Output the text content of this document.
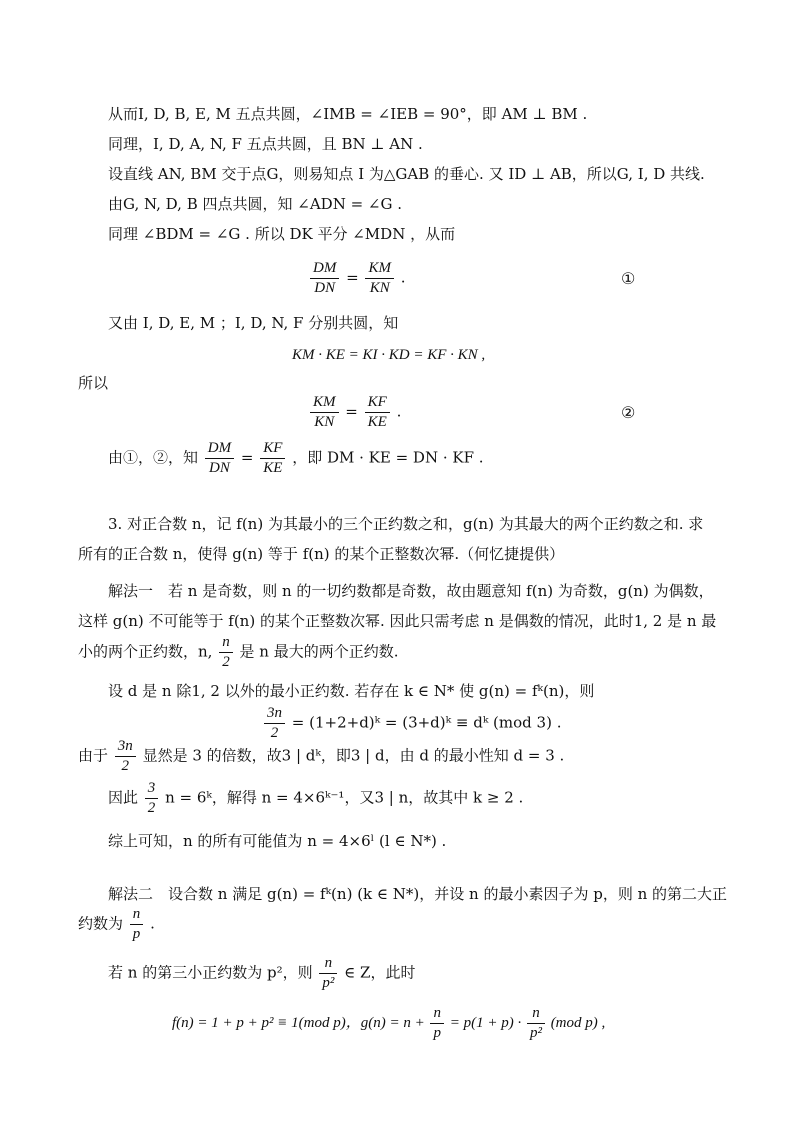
从而I, D, B, E, M 五点共圆，∠IMB = ∠IEB = 90°，即 AM ⊥ BM .
同理，I, D, A, N, F 五点共圆，且 BN ⊥ AN .
设直线 AN, BM 交于点G，则易知点 I 为△GAB 的垂心. 又 ID ⊥ AB，所以G, I, D 共线.
由G, N, D, B 四点共圆，知 ∠ADN = ∠G .
同理 ∠BDM = ∠G . 所以 DK 平分 ∠MDN ，从而
$\frac{DM}{DN} = \frac{KM}{KN}$ .	①
又由 I, D, E, M ；I, D, N, F 分别共圆，知
KM · KE = KI · KD = KF · KN ,
所以
$\frac{KM}{KN} = \frac{KF}{KE}$ .	②
由①，②，知 $\frac{DM}{DN} = \frac{KF}{KE}$ ，即 DM · KE = DN · KF .
3. 对正合数 n，记 f(n) 为其最小的三个正约数之和，g(n) 为其最大的两个正约数之和. 求
所有的正合数 n，使得 g(n) 等于 f(n) 的某个正整数次幂.（何忆捷提供）
解法一　若 n 是奇数，则 n 的一切约数都是奇数，故由题意知 f(n) 为奇数，g(n) 为偶数，
这样 g(n) 不可能等于 f(n) 的某个正整数次幂. 因此只需考虑 n 是偶数的情况，此时1, 2 是 n 最
小的两个正约数，n, $\frac{n}{2}$ 是 n 最大的两个正约数.
设 d 是 n 除1, 2 以外的最小正约数. 若存在 k ∈ N* 使 g(n) = fᵏ(n)，则
$\frac{3n}{2}$ = (1+2+d)ᵏ = (3+d)ᵏ ≡ dᵏ (mod 3) .
由于 $\frac{3n}{2}$ 显然是 3 的倍数，故3 | dᵏ，即3 | d，由 d 的最小性知 d = 3 .
因此 $\frac{3}{2}$ n = 6ᵏ，解得 n = 4×6ᵏ⁻¹，又3 | n，故其中 k ≥ 2 .
综上可知，n 的所有可能值为 n = 4×6ˡ (l ∈ N*) .
解法二　设合数 n 满足 g(n) = fᵏ(n) (k ∈ N*)，并设 n 的最小素因子为 p，则 n 的第二大正
约数为 $\frac{n}{p}$ .
若 n 的第三小正约数为 p²，则 $\frac{n}{\text{p²}}$ ∈ Z，此时
f(n) = 1 + p + p² ≡ 1(mod p)，$g(n) = n + \frac{n}{p} = p(1 + p) \cdot \frac{n}{\text{p²}} (mod$ p) ,
